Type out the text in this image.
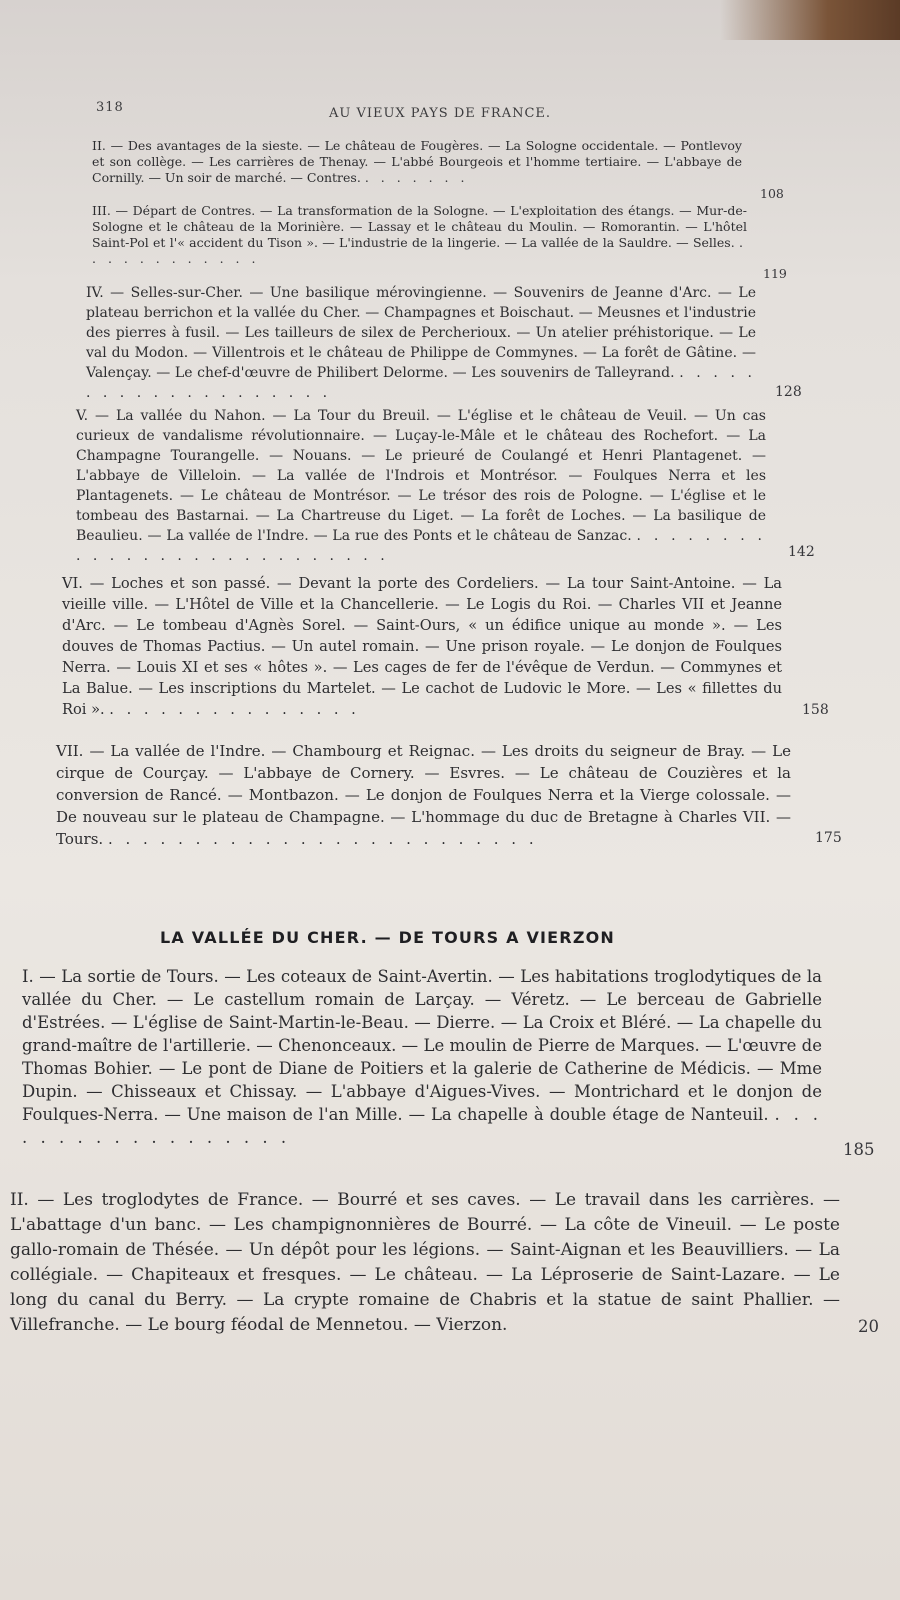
318	AU VIEUX PAYS DE FRANCE.
II. — Des avantages de la sieste. — Le château de Fougères. — La Sologne occidentale. — Pontlevoy et son collège. — Les carrières de Thenay. — L'abbé Bourgeois et l'homme tertiaire. — L'abbaye de Cornilly. — Un soir de marché. — Contres. . . . . . . .
108
III. — Départ de Contres. — La transformation de la Sologne. — L'exploitation des étangs. — Mur-de-Sologne et le château de la Morinière. — Lassay et le château du Moulin. — Romorantin. — L'hôtel Saint-Pol et l'« accident du Tison ». — L'industrie de la lingerie. — La vallée de la Sauldre. — Selles. . . . . . . . . . . . .
119
IV. — Selles-sur-Cher. — Une basilique mérovingienne. — Souvenirs de Jeanne d'Arc. — Le plateau berrichon et la vallée du Cher. — Champagnes et Boischaut. — Meusnes et l'industrie des pierres à fusil. — Les tailleurs de silex de Percherioux. — Un atelier préhistorique. — Le val du Modon. — Villentrois et le château de Philippe de Commynes. — La forêt de Gâtine. — Valençay. — Le chef-d'œuvre de Philibert Delorme. — Les souvenirs de Talleyrand. . . . . . . . . . . . . . . . . . . . .	128
V. — La vallée du Nahon. — La Tour du Breuil. — L'église et le château de Veuil. — Un cas curieux de vandalisme révolutionnaire. — Luçay-le-Mâle et le château des Rochefort. — La Champagne Tourangelle. — Nouans. — Le prieuré de Coulangé et Henri Plantagenet. — L'abbaye de Villeloin. — La vallée de l'Indrois et Montrésor. — Foulques Nerra et les Plantagenets. — Le château de Montrésor. — Le trésor des rois de Pologne. — L'église et le tombeau des Bastarnai. — La Chartreuse du Liget. — La forêt de Loches. — La basilique de Beaulieu. — La vallée de l'Indre. — La rue des Ponts et le château de Sanzac. . . . . . . . . . . . . . . . . . . . . . . . . . . .	142
VI. — Loches et son passé. — Devant la porte des Cordeliers. — La tour Saint-Antoine. — La vieille ville. — L'Hôtel de Ville et la Chancellerie. — Le Logis du Roi. — Charles VII et Jeanne d'Arc. — Le tombeau d'Agnès Sorel. — Saint-Ours, « un édifice unique au monde ». — Les douves de Thomas Pactius. — Un autel romain. — Une prison royale. — Le donjon de Foulques Nerra. — Louis XI et ses « hôtes ». — Les cages de fer de l'évêque de Verdun. — Commynes et La Balue. — Les inscriptions du Martelet. — Le cachot de Ludovic le More. — Les « fillettes du Roi ». . . . . . . . . . . . . . . .	158
VII. — La vallée de l'Indre. — Chambourg et Reignac. — Les droits du seigneur de Bray. — Le cirque de Courçay. — L'abbaye de Cornery. — Esvres. — Le château de Couzières et la conversion de Rancé. — Montbazon. — Le donjon de Foulques Nerra et la Vierge colossale. — De nouveau sur le plateau de Champagne. — L'hommage du duc de Bretagne à Charles VII. — Tours. . . . . . . . . . . . . . . . . . . . . . . . . .	175
LA VALLÉE DU CHER. — DE TOURS A VIERZON
I. — La sortie de Tours. — Les coteaux de Saint-Avertin. — Les habitations troglodytiques de la vallée du Cher. — Le castellum romain de Larçay. — Véretz. — Le berceau de Gabrielle d'Estrées. — L'église de Saint-Martin-le-Beau. — Dierre. — La Croix et Bléré. — La chapelle du grand-maître de l'artillerie. — Chenonceaux. — Le moulin de Pierre de Marques. — L'œuvre de Thomas Bohier. — Le pont de Diane de Poitiers et la galerie de Catherine de Médicis. — Mme Dupin. — Chisseaux et Chissay. — L'abbaye d'Aigues-Vives. — Montrichard et le donjon de Foulques-Nerra. — Une maison de l'an Mille. — La chapelle à double étage de Nanteuil. . . . . . . . . . . . . . . . . . .
185
II. — Les troglodytes de France. — Bourré et ses caves. — Le travail dans les carrières. — L'abattage d'un banc. — Les champignonnières de Bourré. — La côte de Vineuil. — Le poste gallo-romain de Thésée. — Un dépôt pour les légions. — Saint-Aignan et les Beauvilliers. — La collégiale. — Chapiteaux et fresques. — Le château. — La Léproserie de Saint-Lazare. — Le long du canal du Berry. — La crypte romaine de Chabris et la statue de saint Phallier. — Villefranche. — Le bourg féodal de Mennetou. — Vierzon.	20
